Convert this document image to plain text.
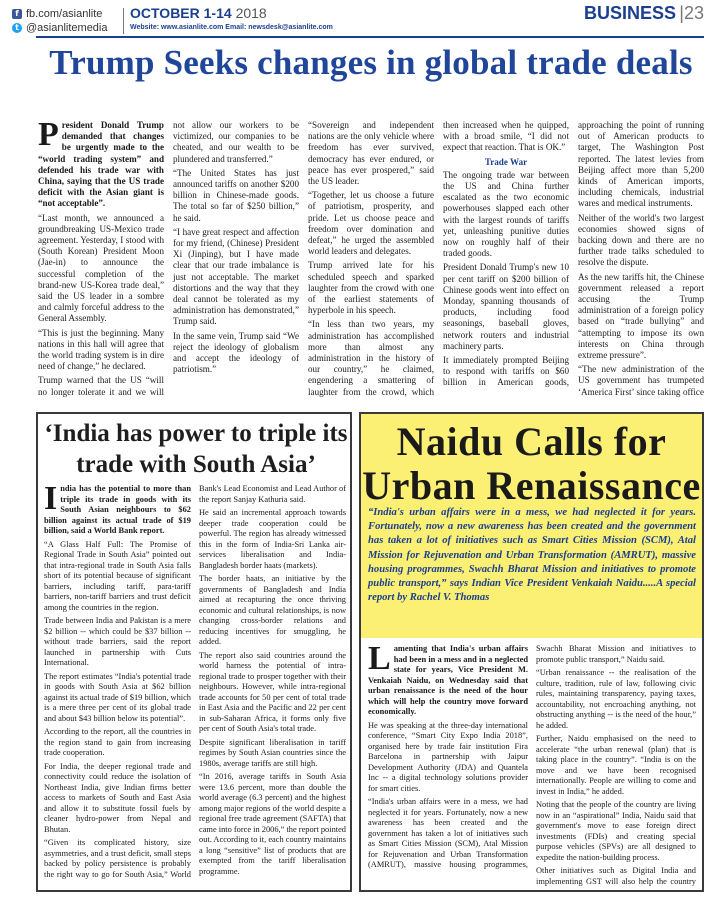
f fb.com/asianlite
t @asianlitemedia
OCTOBER 1-14 2018
Website: www.asianlite.com Email: newsdesk@asianlite.com
BUSINESS |23
Trump Seeks changes in global trade deals

President Donald Trump demanded that changes be urgently made to the “world trading system” and defended his trade war with China, saying that the US trade deficit with the Asian giant is “not acceptable”.

“Last month, we announced a groundbreaking US-Mexico trade agreement. Yesterday, I stood with (South Korean) President Moon (Jae-in) to announce the successful completion of the brand-new US-Korea trade deal,” said the US leader in a sombre and calmly forceful address to the General Assembly.

“This is just the beginning. Many nations in this hall will agree that the world trading system is in dire need of change,” he declared.

Trump warned that the US “will no longer tolerate it and we will not allow our workers to be victimized, our companies to be cheated, and our wealth to be plundered and transferred.”

“The United States has just announced tariffs on another $200 billion in Chinese-made goods. The total so far of $250 billion,” he said.

“I have great respect and affection for my friend, (Chinese) President Xi (Jinping), but I have made clear that our trade imbalance is just not acceptable. The market distortions and the way that they deal cannot be tolerated as my administration has demonstrated,” Trump said.

In the same vein, Trump said “We reject the ideology of globalism and accept the ideology of patriotism.”

“Sovereign and independent nations are the only vehicle where freedom has ever survived, democracy has ever endured, or peace has ever prospered,” said the US leader.

“Together, let us choose a future of patriotism, prosperity, and pride. Let us choose peace and freedom over domination and defeat,” he urged the assembled world leaders and delegates.

Trump arrived late for his scheduled speech and sparked laughter from the crowd with one of the earliest statements of hyperbole in his speech.

“In less than two years, my administration has accomplished more than almost any administration in the history of our country,” he claimed, engendering a smattering of laughter from the crowd, which then increased when he quipped, with a broad smile, “I did not expect that reaction. That is OK.”

Trade War

The ongoing trade war between the US and China further escalated as the two economic powerhouses slapped each other with the largest rounds of tariffs yet, unleashing punitive duties now on roughly half of their traded goods.

President Donald Trump's new 10 per cent tariff on $200 billion of Chinese goods went into effect on Monday, spanning thousands of products, including food seasonings, baseball gloves, network routers and industrial machinery parts.

It immediately prompted Beijing to respond with tariffs on $60 billion in American goods, approaching the point of running out of American products to target, The Washington Post reported. The latest levies from Beijing affect more than 5,200 kinds of American imports, including chemicals, industrial wares and medical instruments.

Neither of the world's two largest economies showed signs of backing down and there are no further trade talks scheduled to resolve the dispute.

As the new tariffs hit, the Chinese government released a report accusing the Trump administration of a foreign policy based on “trade bullying” and “attempting to impose its own interests on China through extreme pressure”.

“The new administration of the US government has trumpeted ‘America First’ since taking office

‘India has power to triple its trade with South Asia’

India has the potential to more than triple its trade in goods with its South Asian neighbours to $62 billion against its actual trade of $19 billion, said a World Bank report.

“A Glass Half Full: The Promise of Regional Trade in South Asia” pointed out that intra-regional trade in South Asia falls short of its potential because of significant barriers, including tariff, para-tariff barriers, non-tariff barriers and trust deficit among the countries in the region.

Trade between India and Pakistan is a mere $2 billion -- which could be $37 billion -- without trade barriers, said the report launched in partnership with Cuts International.

The report estimates “India's potential trade in goods with South Asia at $62 billion against its actual trade of $19 billion, which is a mere three per cent of its global trade and about $43 billion below its potential”.

According to the report, all the countries in the region stand to gain from increasing trade cooperation.

For India, the deeper regional trade and connectivity could reduce the isolation of Northeast India, give Indian firms better access to markets of South and East Asia and allow it to substitute fossil fuels by cleaner hydro-power from Nepal and Bhutan.

“Given its complicated history, size asymmetries, and a trust deficit, small steps backed by policy persistence is probably the right way to go for South Asia,” World Bank's Lead Economist and Lead Author of the report Sanjay Kathuria said.

He said an incremental approach towards deeper trade cooperation could be powerful. The region has already witnessed this in the form of India-Sri Lanka air-services liberalisation and India-Bangladesh border haats (markets).

The border haats, an initiative by the governments of Bangladesh and India aimed at recapturing the once thriving economic and cultural relationships, is now changing cross-border relations and reducing incentives for smuggling, he added.

The report also said countries around the world harness the potential of intra-regional trade to prosper together with their neighbours. However, while intra-regional trade accounts for 50 per cent of total trade in East Asia and the Pacific and 22 per cent in sub-Saharan Africa, it forms only five per cent of South Asia's total trade.

Despite significant liberalisation in tariff regimes by South Asian countries since the 1980s, average tariffs are still high.

“In 2016, average tariffs in South Asia were 13.6 percent, more than double the world average (6.3 percent) and the highest among major regions of the world despite a regional free trade agreement (SAFTA) that came into force in 2006,” the report pointed out. According to it, each country maintains a long “sensitive” list of products that are exempted from the tariff liberalisation programme.

Naidu Calls for
Urban Renaissance
“India's urban affairs were in a mess, we had neglected it for years. Fortunately, now a new awareness has been created and the government has taken a lot of initiatives such as Smart Cities Mission (SCM), Atal Mission for Rejuvenation and Urban Transformation (AMRUT), massive housing programmes, Swachh Bharat Mission and initiatives to promote public transport,” says Indian Vice President Venkaiah Naidu.....A special report by Rachel V. Thomas

Lamenting that India's urban affairs had been in a mess and in a neglected state for years, Vice President M. Venkaiah Naidu, on Wednesday said that urban renaissance is the need of the hour which will help the country move forward economically.

He was speaking at the three-day international conference, “Smart City Expo India 2018”, organised here by trade fair institution Fira Barcelona in partnership with Jaipur Development Authority (JDA) and Quantela Inc -- a digital technology solutions provider for smart cities.

“India's urban affairs were in a mess, we had neglected it for years. Fortunately, now a new awareness has been created and the government has taken a lot of initiatives such as Smart Cities Mission (SCM), Atal Mission for Rejuvenation and Urban Transformation (AMRUT), massive housing programmes, Swachh Bharat Mission and initiatives to promote public transport,” Naidu said.

“Urban renaissance -- the realisation of the culture, tradition, rule of law, following civic rules, maintaining transparency, paying taxes, accountability, not encroaching anything, not obstructing anything -- is the need of the hour,” he added.

Further, Naidu emphasised on the need to accelerate “the urban renewal (plan) that is taking place in the country”. “India is on the move and we have been recognised internationally. People are willing to come and invest in India,” he added.

Noting that the people of the country are living now in an “aspirational” India, Naidu said that government's move to ease foreign direct investments (FDIs) and creating special purpose vehicles (SPVs) are all designed to expedite the nation-building process.

Other initiatives such as Digital India and implementing GST will also help the country
